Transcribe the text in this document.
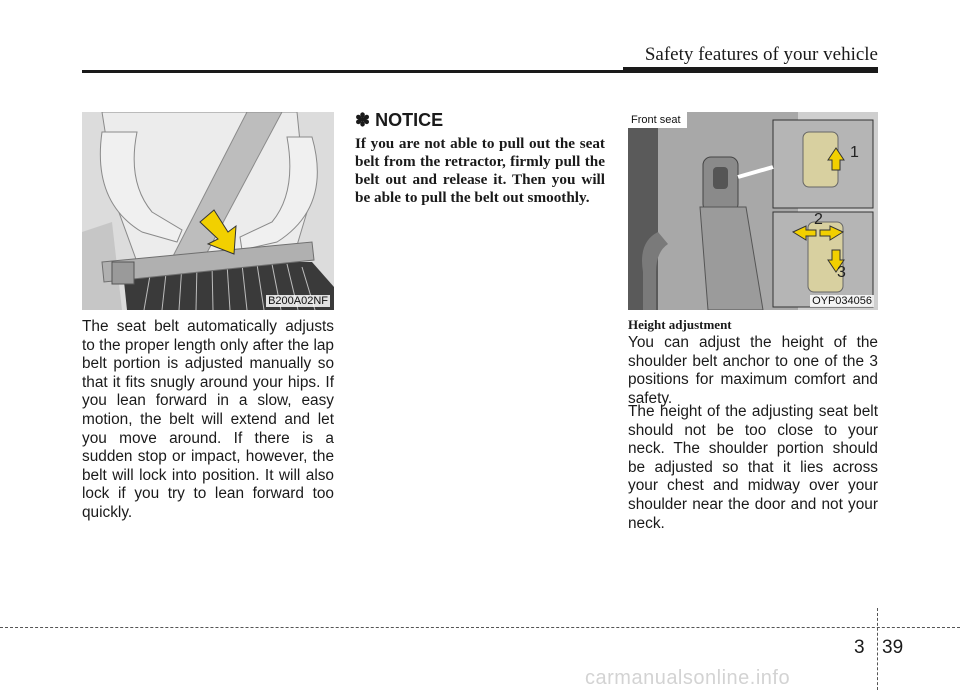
Safety features of your vehicle
B200A02NF

The seat belt automatically adjusts to the proper length only after the lap belt portion is adjusted manually so that it fits snugly around your hips. If you lean forward in a slow, easy motion, the belt will extend and let you move around. If there is a sudden stop or impact, however, the belt will lock into position. It will also lock if you try to lean forward too quickly.

✽ NOTICE

If you are not able to pull out the seat belt from the retractor, firmly pull the belt out and release it. Then you will be able to pull the belt out smoothly.

1
2
3
Front seat
OYP034056
Height adjustment

You can adjust the height of the shoulder belt anchor to one of the 3 positions for maximum comfort and safety.

The height of the adjusting seat belt should not be too close to your neck. The shoulder portion should be adjusted so that it lies across your chest and midway over your shoulder near the door and not your neck.

3 39
carmanualsonline.info
